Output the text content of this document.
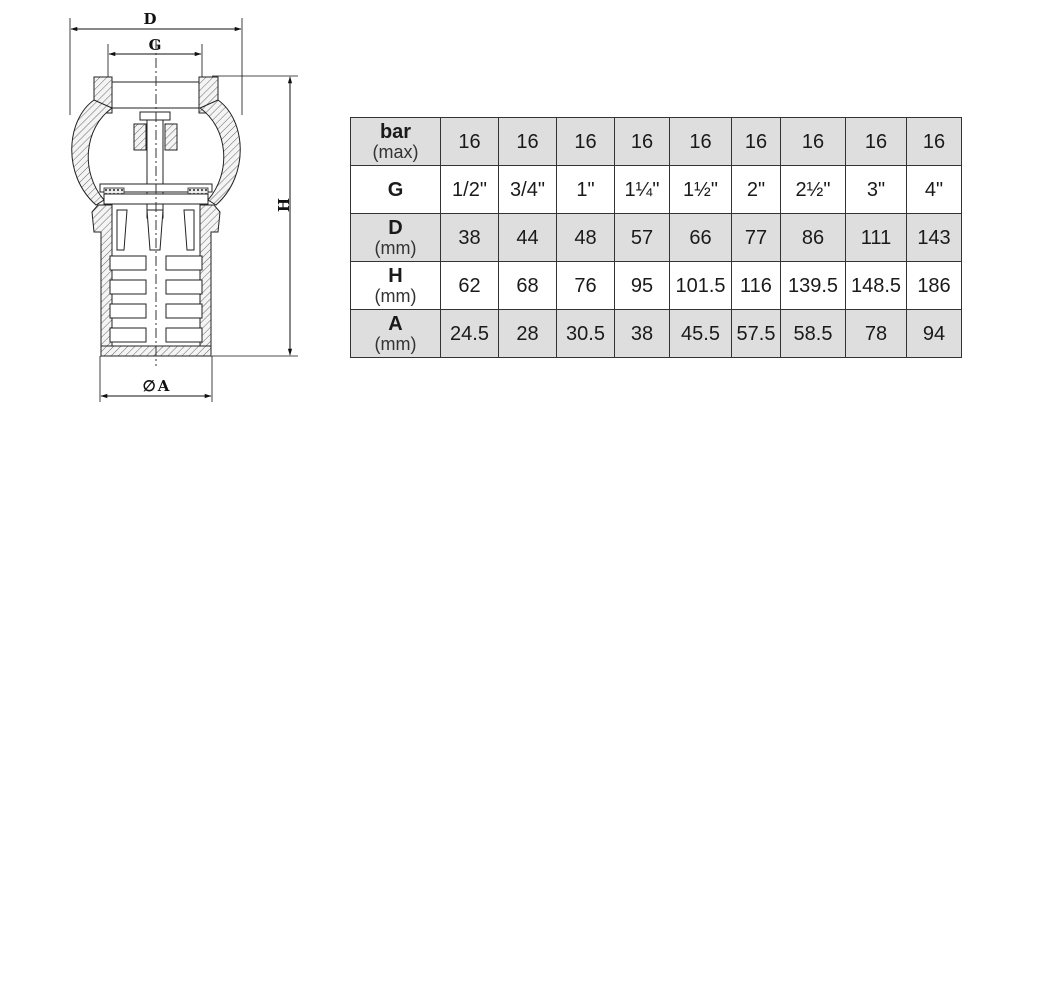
D
G
H
∅ A
bar
(max)	16	16	16	16	16	16	16	16	16

G	1/2"	3/4"	1"	1¼"	1½"	2"	2½"	3"	4"

D
(mm)	38	44	48	57	66	77	86	111	143

H
(mm)	62	68	76	95	101.5	116	139.5	148.5	186

A
(mm)	24.5	28	30.5	38	45.5	57.5	58.5	78	94
